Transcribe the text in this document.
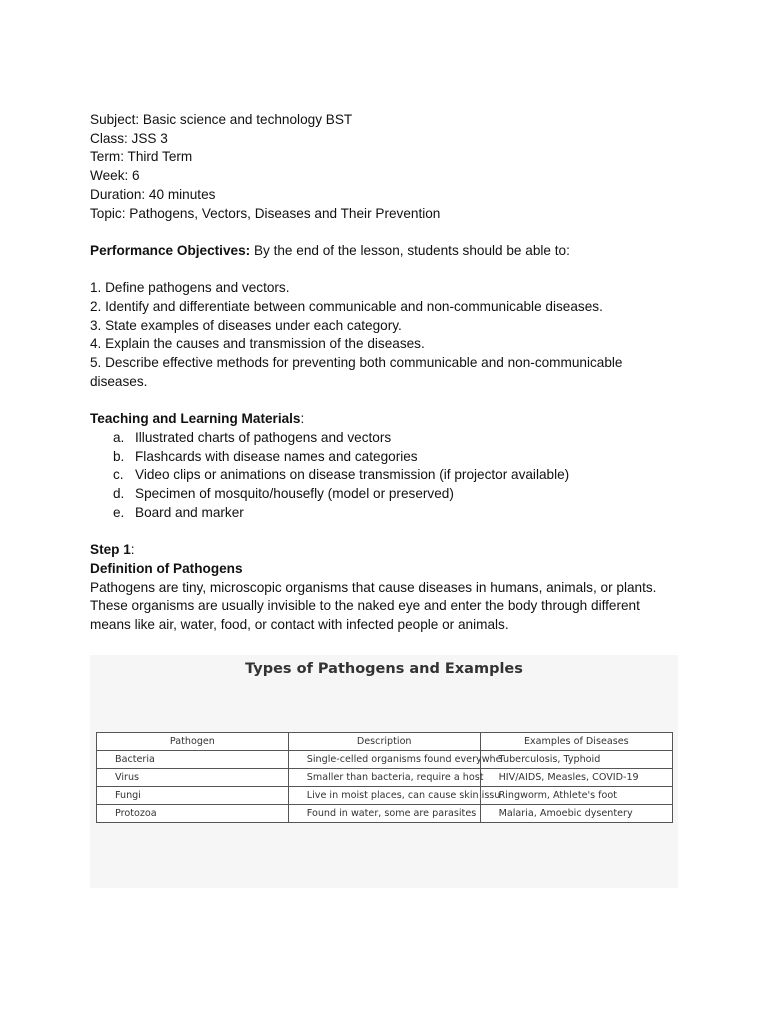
Subject: Basic science and technology BST
Class: JSS 3
Term: Third Term
Week: 6
Duration: 40 minutes
Topic: Pathogens, Vectors, Diseases and Their Prevention
Performance Objectives: By the end of the lesson, students should be able to:
1. Define pathogens and vectors.
2. Identify and differentiate between communicable and non-communicable diseases.
3. State examples of diseases under each category.
4. Explain the causes and transmission of the diseases.
5. Describe effective methods for preventing both communicable and non-communicable
diseases.
Teaching and Learning Materials:
a. Illustrated charts of pathogens and vectors
b. Flashcards with disease names and categories
c. Video clips or animations on disease transmission (if projector available)
d. Specimen of mosquito/housefly (model or preserved)
e. Board and marker
Step 1:
Definition of Pathogens
Pathogens are tiny, microscopic organisms that cause diseases in humans, animals, or plants.
These organisms are usually invisible to the naked eye and enter the body through different
means like air, water, food, or contact with infected people or animals.
Types of Pathogens and Examples
Pathogen	Description	Examples of Diseases
Bacteria	Single-celled organisms found everywhe	Tuberculosis, Typhoid
Virus	Smaller than bacteria, require a host	HIV/AIDS, Measles, COVID-19
Fungi	Live in moist places, can cause skin issu	Ringworm, Athlete's foot
Protozoa	Found in water, some are parasites	Malaria, Amoebic dysentery
